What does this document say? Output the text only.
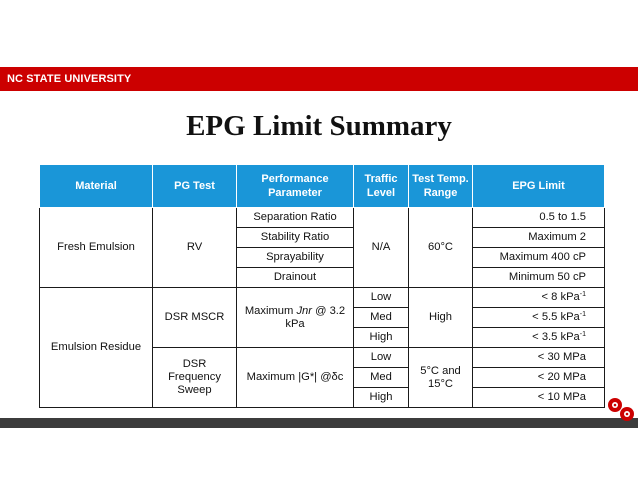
NC STATE UNIVERSITY
EPG Limit Summary
Material	PG Test	Performance Parameter	Traffic Level	Test Temp. Range	EPG Limit
Fresh Emulsion	RV	Separation Ratio	N/A	60°C	0.5 to 1.5
		Stability Ratio			Maximum 2
		Sprayability			Maximum 400 cP
		Drainout			Minimum 50 cP
Emulsion Residue	DSR MSCR	Maximum Jnr @ 3.2 kPa	Low	High	< 8 kPa$^{-1}$
			Med		< 5.5 kPa$^{-1}$
			High		< 3.5 kPa$^{-1}$
	DSR Frequency Sweep	Maximum |G*| @δc	Low	5°C and 15°C	< 30 MPa
			Med		< 20 MPa
			High		< 10 MPa
